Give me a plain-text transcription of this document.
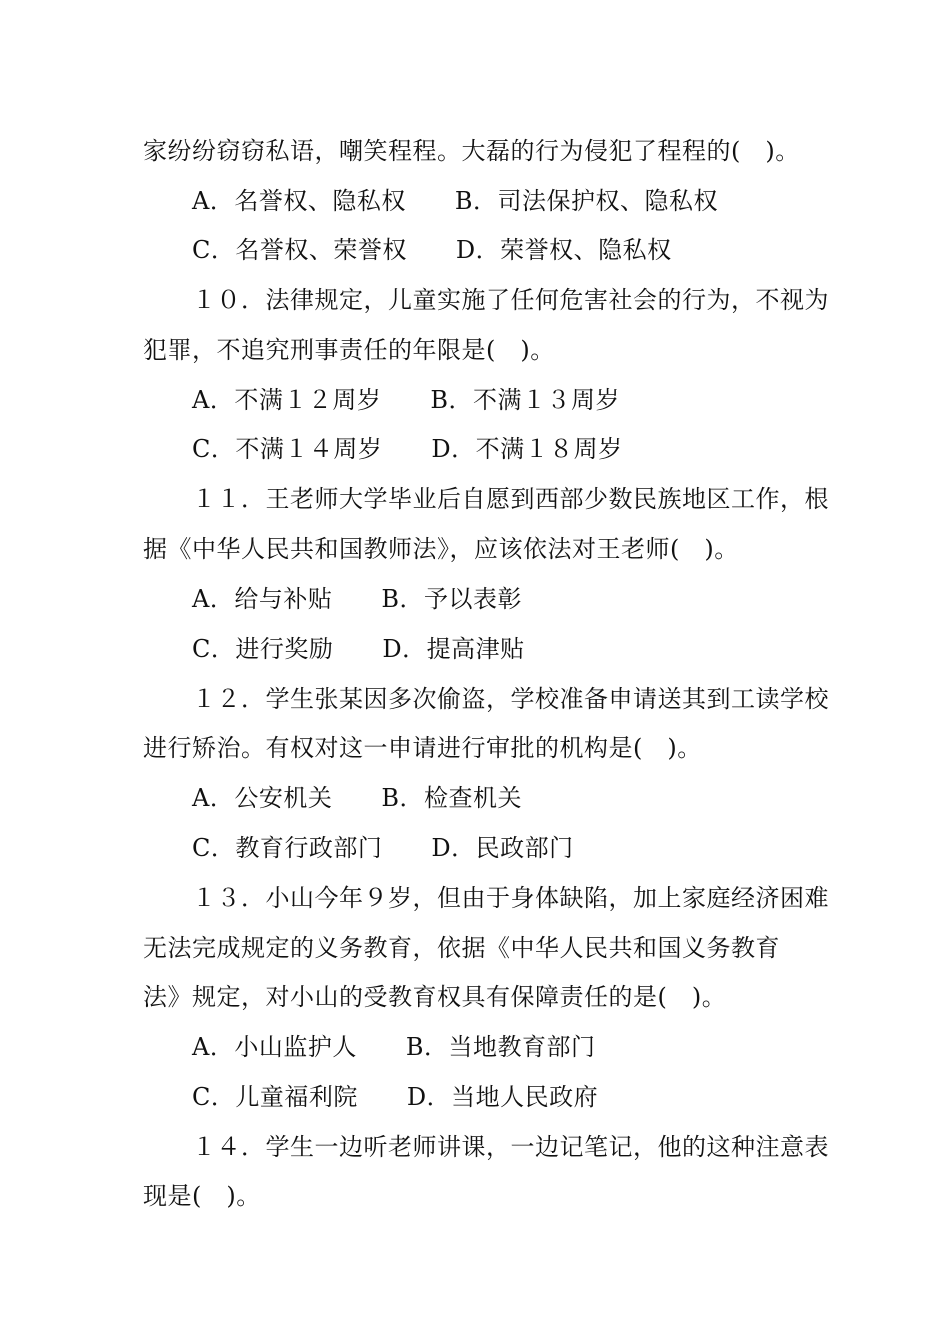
家纷纷窃窃私语，嘲笑程程。大磊的行为侵犯了程程的(　)。
A．名誉权、隐私权　　B．司法保护权、隐私权
C．名誉权、荣誉权　　D．荣誉权、隐私权
１０．法律规定，儿童实施了任何危害社会的行为，不视为
犯罪，不追究刑事责任的年限是(　)。
A．不满１２周岁　　B．不满１３周岁
C．不满１４周岁　　D．不满１８周岁
１１．王老师大学毕业后自愿到西部少数民族地区工作，根
据《中华人民共和国教师法》，应该依法对王老师(　)。
A．给与补贴　　B．予以表彰
C．进行奖励　　D．提高津贴
１２．学生张某因多次偷盗，学校准备申请送其到工读学校
进行矫治。有权对这一申请进行审批的机构是(　)。
A．公安机关　　B．检查机关
C．教育行政部门　　D．民政部门
１３．小山今年９岁，但由于身体缺陷，加上家庭经济困难
无法完成规定的义务教育，依据《中华人民共和国义务教育
法》规定，对小山的受教育权具有保障责任的是(　)。
A．小山监护人　　B．当地教育部门
C．儿童福利院　　D．当地人民政府
１４．学生一边听老师讲课，一边记笔记，他的这种注意表
现是(　)。
